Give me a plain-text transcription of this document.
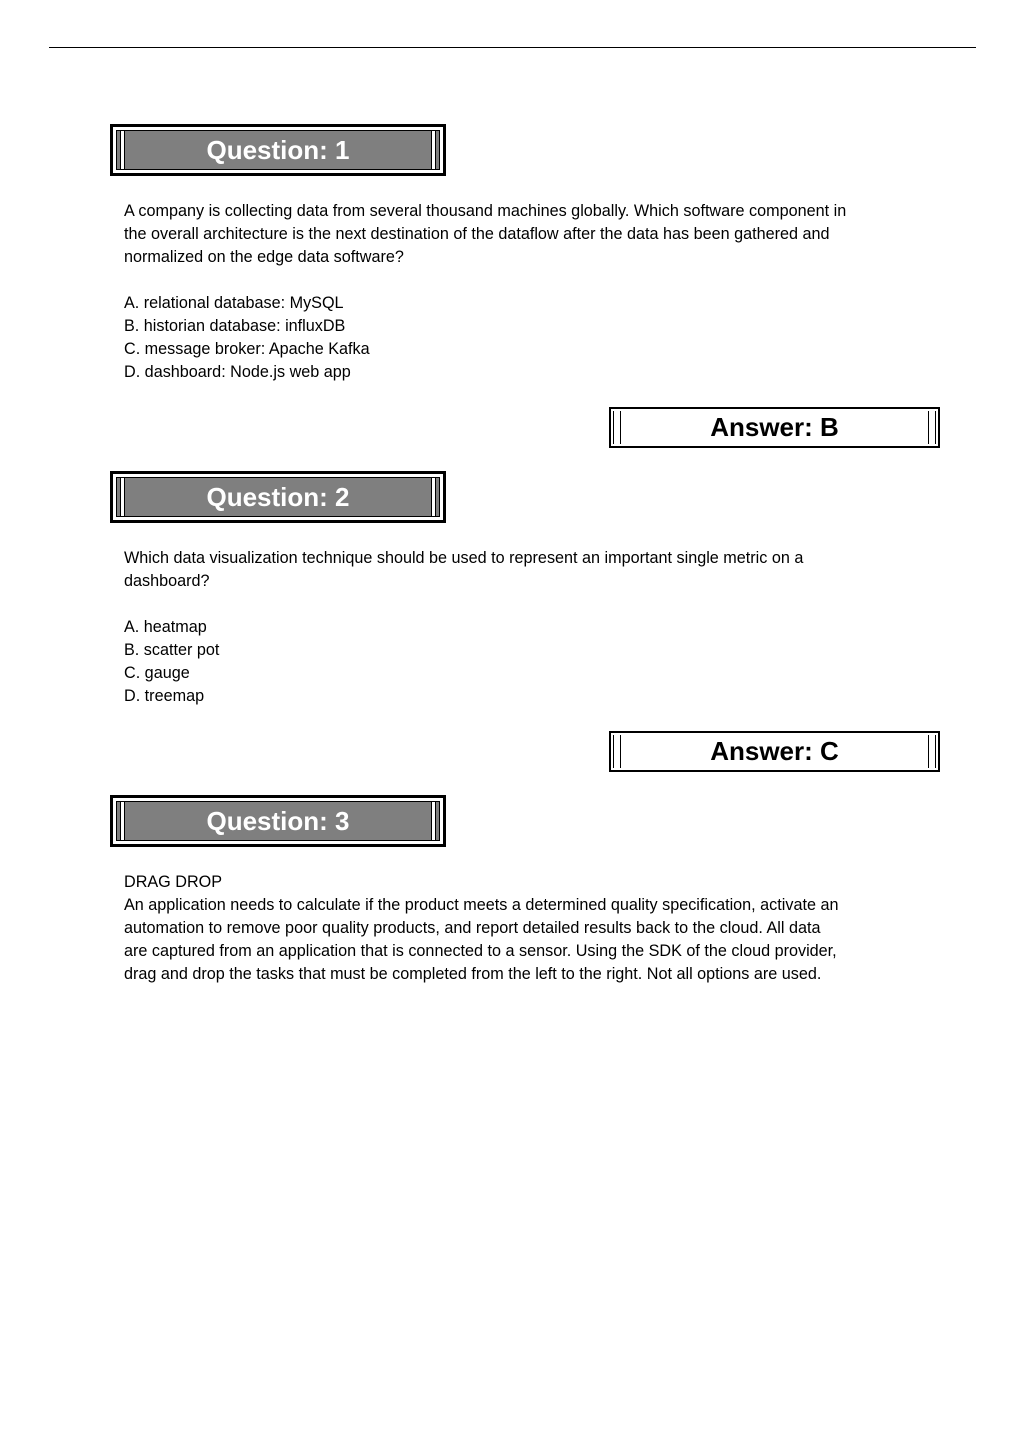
Question: 1
A company is collecting data from several thousand machines globally. Which software component in
the overall architecture is the next destination of the dataflow after the data has been gathered and
normalized on the edge data software?
A. relational database: MySQL
B. historian database: influxDB
C. message broker: Apache Kafka
D. dashboard: Node.js web app
Answer: B
Question: 2
Which data visualization technique should be used to represent an important single metric on a
dashboard?
A. heatmap
B. scatter pot
C. gauge
D. treemap
Answer: C
Question: 3
DRAG DROP
An application needs to calculate if the product meets a determined quality specification, activate an
automation to remove poor quality products, and report detailed results back to the cloud. All data
are captured from an application that is connected to a sensor. Using the SDK of the cloud provider,
drag and drop the tasks that must be completed from the left to the right. Not all options are used.
